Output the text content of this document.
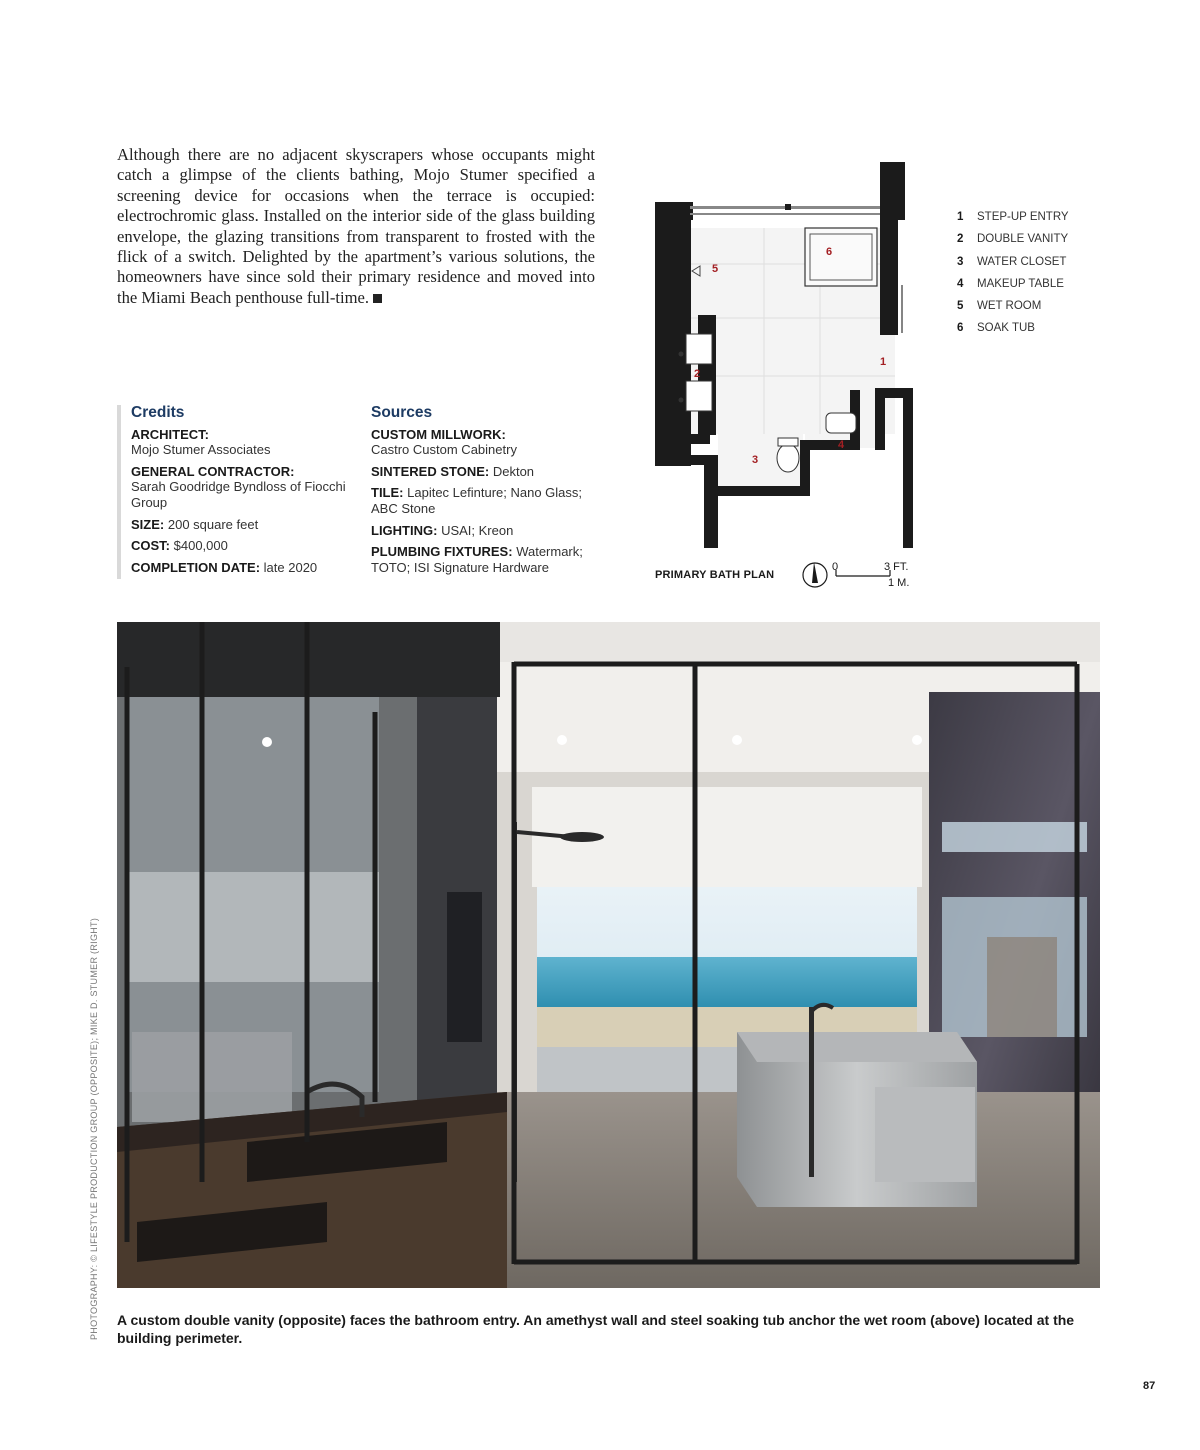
Although there are no adjacent skyscrapers whose occupants might catch a glimpse of the clients bathing, Mojo Stumer specified a screening device for occasions when the terrace is occupied: electrochromic glass. Installed on the interior side of the glass building envelope, the glazing transitions from transparent to frosted with the flick of a switch. Delighted by the apartment’s various solutions, the homeowners have since sold their primary residence and moved into the Miami Beach penthouse full-time.
Credits
ARCHITECT:
Mojo Stumer Associates
GENERAL CONTRACTOR:
Sarah Goodridge Byndloss of Fiocchi Group
SIZE: 200 square feet
COST: $400,000
COMPLETION DATE: late 2020
Sources
CUSTOM MILLWORK:
Castro Custom Cabinetry
SINTERED STONE: Dekton
TILE: Lapitec Lefinture; Nano Glass; ABC Stone
LIGHTING: USAI; Kreon
PLUMBING FIXTURES: Watermark; TOTO; ISI Signature Hardware
1
2
3
4
5
6
0	3 FT.
1 M.
PRIMARY BATH PLAN
1	STEP-UP ENTRY
2	DOUBLE VANITY
3	WATER CLOSET
4	MAKEUP TABLE
5	WET ROOM
6	SOAK TUB
A custom double vanity (opposite) faces the bathroom entry. An amethyst wall and steel soaking tub anchor the wet room (above) located at the building perimeter.
PHOTOGRAPHY: © LIFESTYLE PRODUCTION GROUP (OPPOSITE); MIKE D. STUMER (RIGHT)
87
